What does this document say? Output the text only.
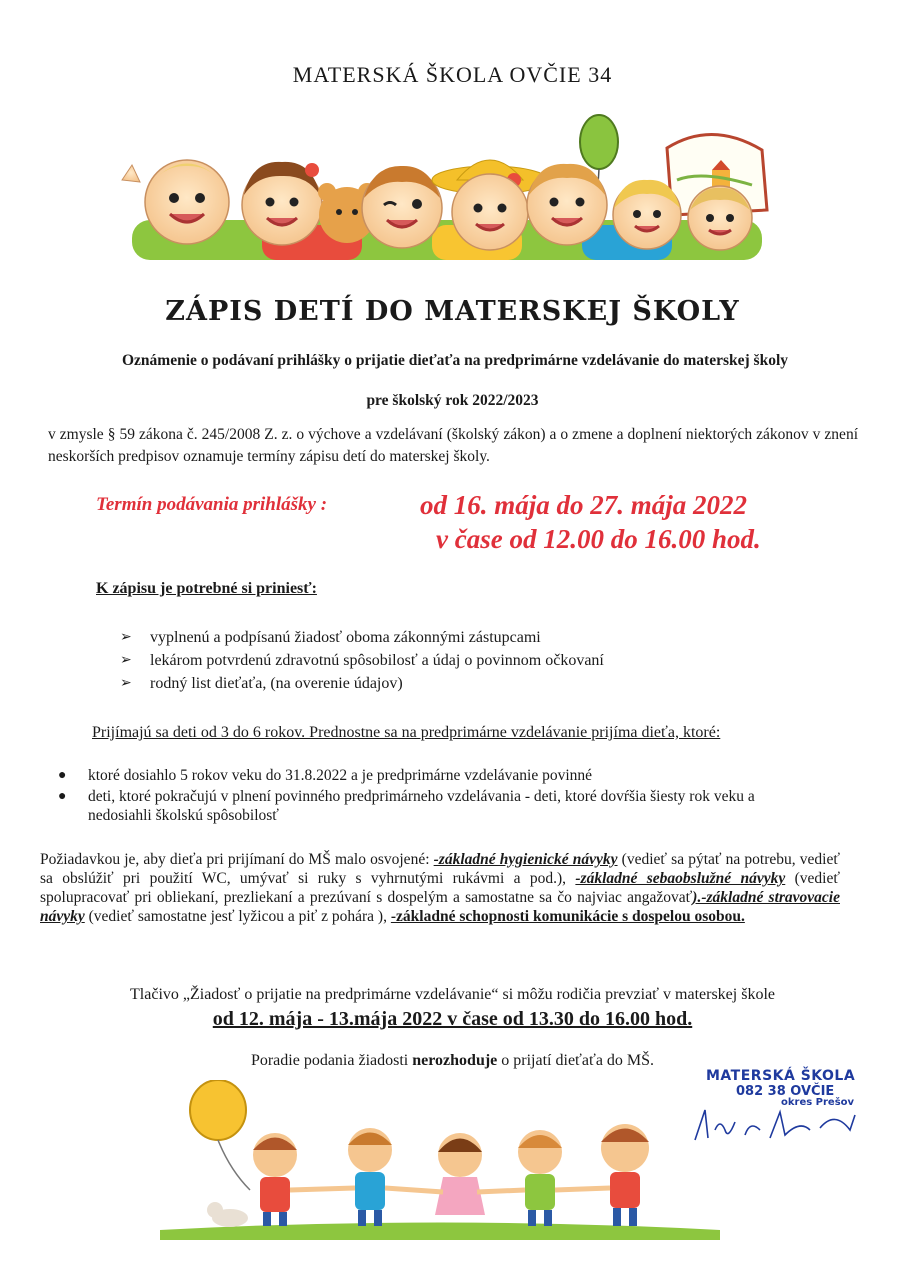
MATERSKÁ ŠKOLA OVČIE 34
ZÁPIS DETÍ DO MATERSKEJ ŠKOLY
Oznámenie o podávaní prihlášky o prijatie dieťaťa na predprimárne vzdelávanie do materskej školy
pre školský rok 2022/2023
v zmysle § 59 zákona č. 245/2008 Z. z. o výchove a vzdelávaní (školský zákon) a o zmene a doplnení niektorých zákonov v znení neskorších predpisov oznamuje termíny zápisu detí do materskej školy.
Termín podávania prihlášky :	od 16. mája do 27. mája 2022
v čase od 12.00 do 16.00 hod.
K zápisu je potrebné si priniesť:
➢	vyplnenú a podpísanú žiadosť oboma zákonnými zástupcami
➢	lekárom potvrdenú zdravotnú spôsobilosť a údaj o povinnom očkovaní
➢	rodný list dieťaťa, (na overenie údajov)
Prijímajú sa deti od 3 do 6 rokov. Prednostne sa na predprimárne vzdelávanie prijíma dieťa, ktoré:
●	ktoré dosiahlo 5 rokov veku do 31.8.2022 a je predprimárne vzdelávanie povinné
●	deti, ktoré pokračujú v plnení povinného predprimárneho vzdelávania - deti, ktoré dovŕšia šiesty rok veku a nedosiahli školskú spôsobilosť
Požiadavkou je, aby dieťa pri prijímaní do MŠ malo osvojené: -základné hygienické návyky (vedieť sa pýtať na potrebu, vedieť sa obslúžiť pri použití WC, umývať si ruky s vyhrnutými rukávmi a pod.), -základné sebaobslužné návyky (vedieť spolupracovať pri obliekaní, prezliekaní a prezúvaní s dospelým a samostatne sa čo najviac angažovať).-základné stravovacie návyky (vedieť samostatne jesť lyžicou a piť z pohára ), -základné schopnosti komunikácie s dospelou osobou.
Tlačivo „Žiadosť o prijatie na predprimárne vzdelávanie“ si môžu rodičia prevziať v materskej škole
od 12. mája - 13.mája 2022 v čase od 13.30 do 16.00 hod.
Poradie podania žiadosti nerozhoduje o prijatí dieťaťa do MŠ.
MATERSKÁ ŠKOLA
082 38 OVČIE
okres Prešov
